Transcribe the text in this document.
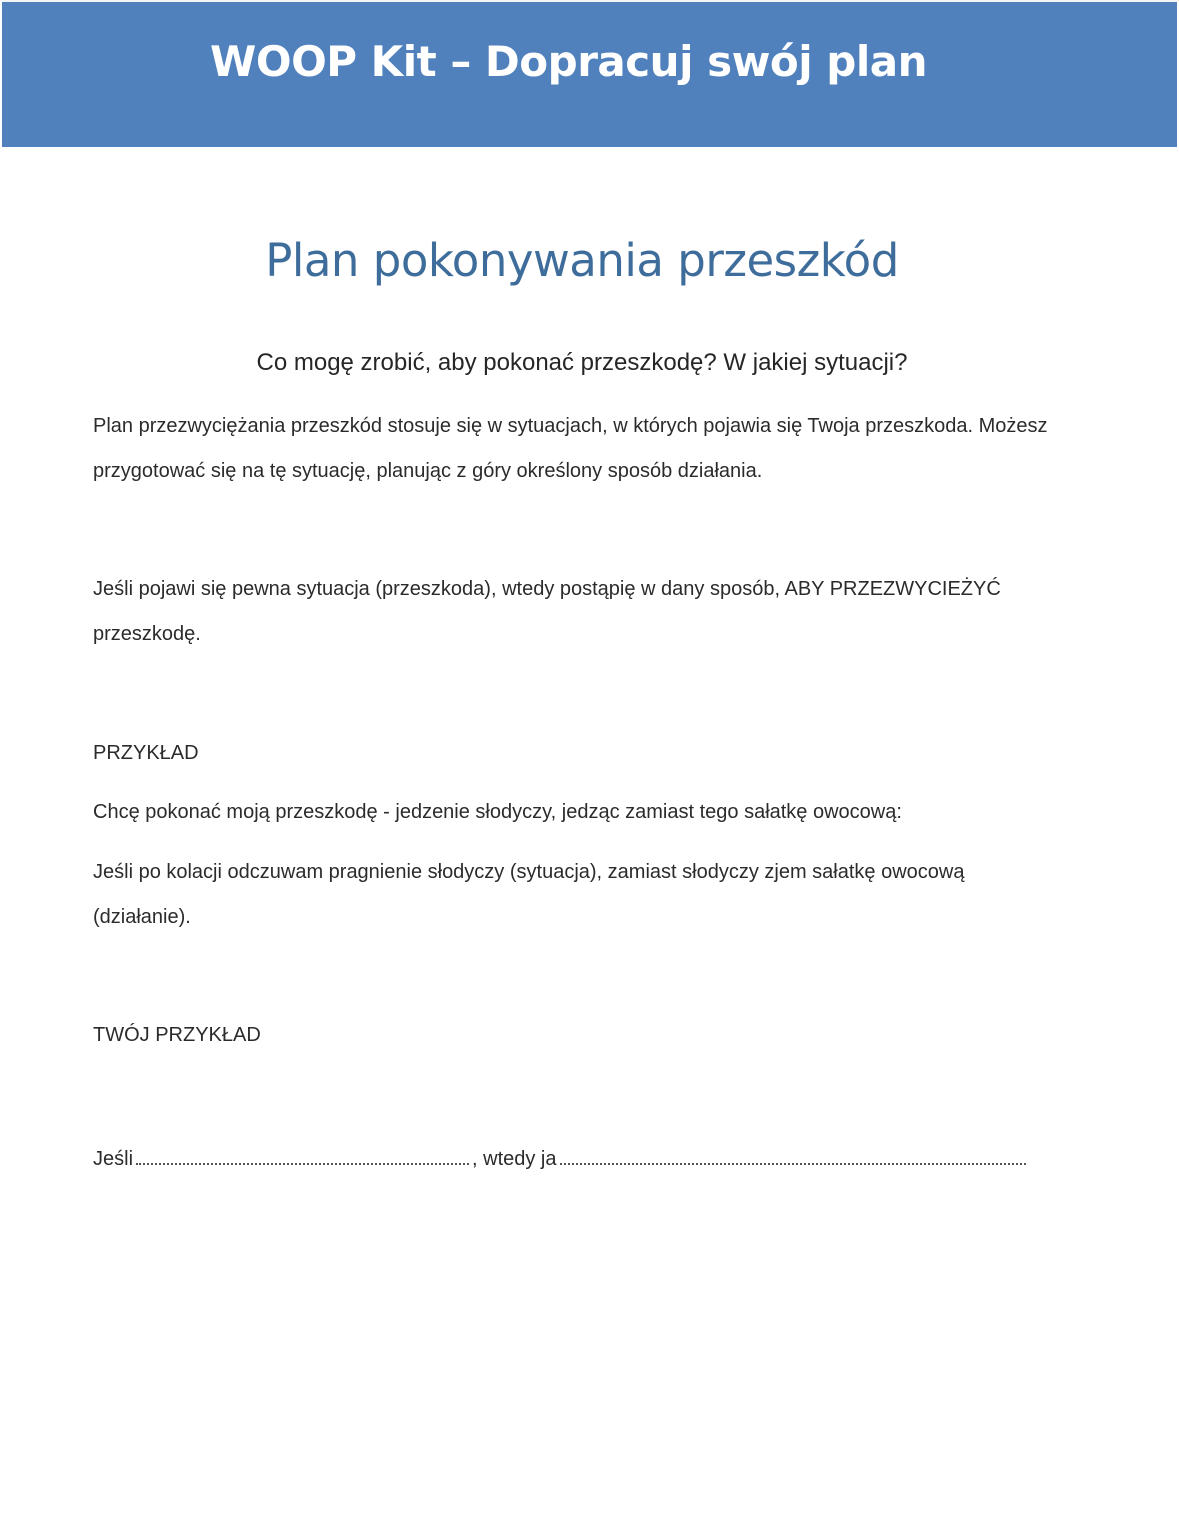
WOOP Kit – Dopracuj swój plan
Plan pokonywania przeszkód

Co mogę zrobić, aby pokonać przeszkodę? W jakiej sytuacji?

Plan przezwyciężania przeszkód stosuje się w sytuacjach, w których pojawia się Twoja przeszkoda. Możesz przygotować się na tę sytuację, planując z góry określony sposób działania.

Jeśli pojawi się pewna sytuacja (przeszkoda), wtedy postąpię w dany sposób, ABY PRZEZWYCIEŻYĆ przeszkodę.

PRZYKŁAD

Chcę pokonać moją przeszkodę - jedzenie słodyczy, jedząc zamiast tego sałatkę owocową:

Jeśli po kolacji odczuwam pragnienie słodyczy (sytuacja), zamiast słodyczy zjem sałatkę owocową (działanie).

TWÓJ PRZYKŁAD

Jeśli	, wtedy ja
